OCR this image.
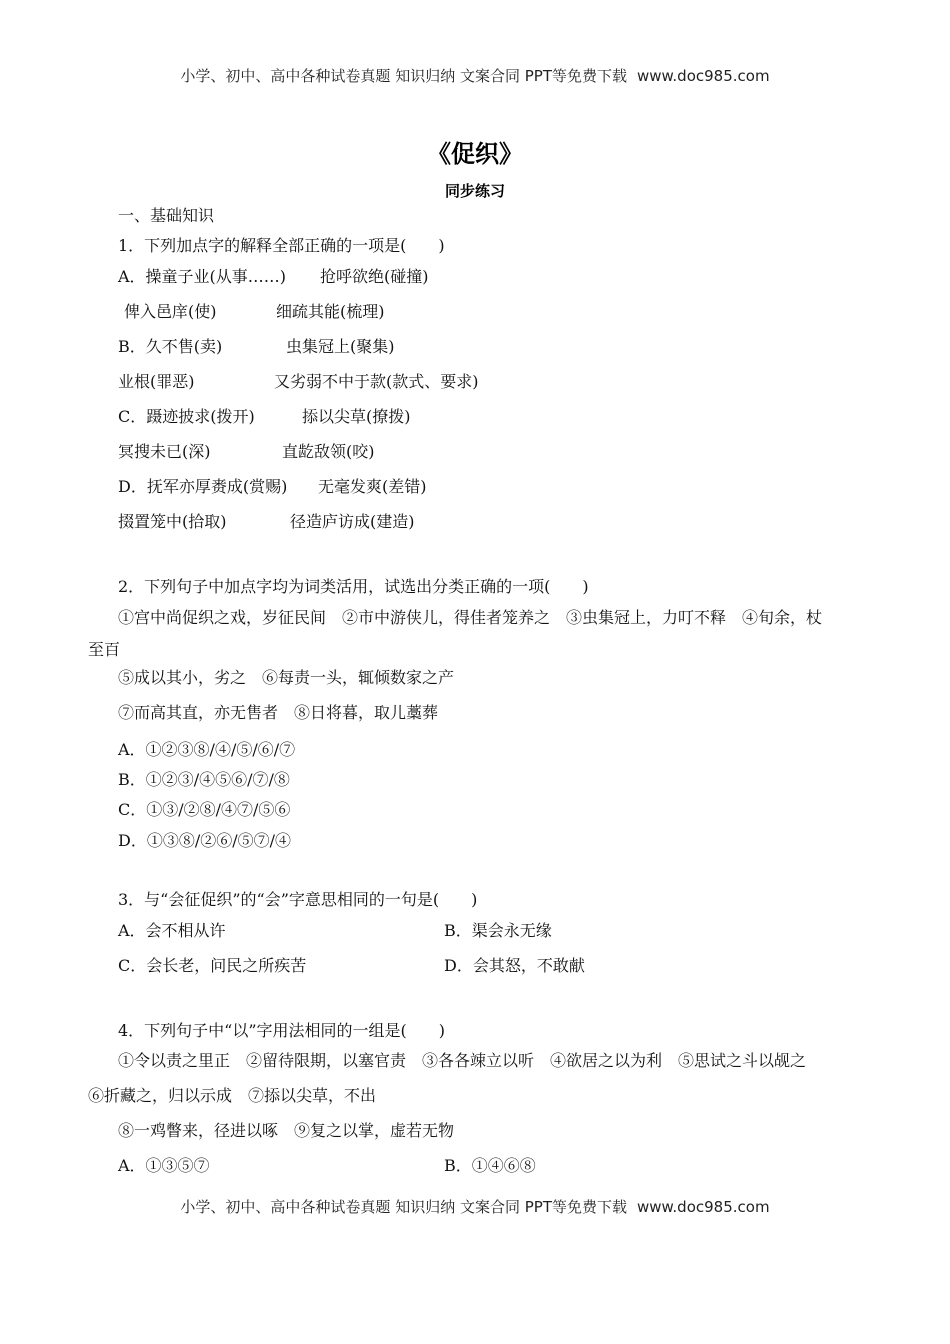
小学、初中、高中各种试卷真题 知识归纳 文案合同 PPT等免费下载 www.doc985.com
《促织》
同步练习
一、基础知识
1．下列加点字的解释全部正确的一项是(　　)
A．操童子业(从事……) 抢呼欲绝(碰撞)
俾入邑庠(使)	细疏其能(梳理)
B．久不售(卖)	虫集冠上(聚集)
业根(罪恶)	又劣弱不中于款(款式、要求)
C．蹑迹披求(拨开)	掭以尖草(撩拨)
冥搜未已(深)	直龁敌领(咬)
D．抚军亦厚赉成(赏赐) 无毫发爽(差错)
掇置笼中(拾取)	径造庐访成(建造)
2．下列句子中加点字均为词类活用，试选出分类正确的一项(　　)
①宫中尚促织之戏，岁征民间　②市中游侠儿，得佳者笼养之　③虫集冠上，力叮不释　④旬余，杖
至百
⑤成以其小，劣之　⑥每责一头，辄倾数家之产
⑦而高其直，亦无售者　⑧日将暮，取儿藁葬
A．①②③⑧/④/⑤/⑥/⑦
B．①②③/④⑤⑥/⑦/⑧
C．①③/②⑧/④⑦/⑤⑥
D．①③⑧/②⑥/⑤⑦/④
3．与“会征促织”的“会”字意思相同的一句是(　　)
A．会不相从许	B．渠会永无缘
C．会长老，问民之所疾苦	D．会其怒，不敢献
4．下列句子中“以”字用法相同的一组是(　　)
①令以责之里正　②留待限期，以塞官责　③各各竦立以听　④欲居之以为利　⑤思试之斗以觇之
⑥折藏之，归以示成　⑦掭以尖草，不出
⑧一鸡瞥来，径进以啄　⑨复之以掌，虚若无物
A．①③⑤⑦	B．①④⑥⑧
小学、初中、高中各种试卷真题 知识归纳 文案合同 PPT等免费下载 www.doc985.com
